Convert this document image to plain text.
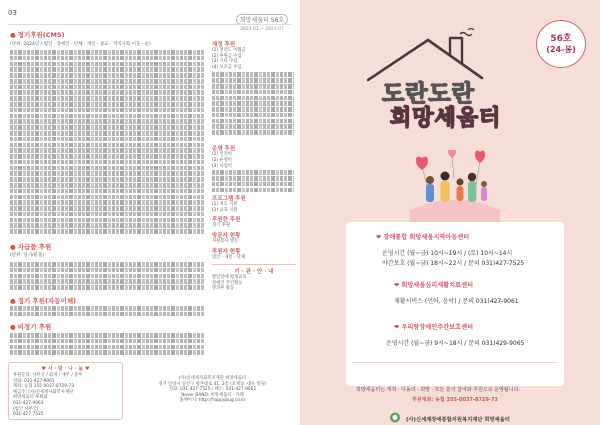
03
희망세움터 56호
2023.01 ~ 2023.07
● 정기후원(CMS)
(단위: 2024년 / 법인 · 장애인 · 단체 · 개인 · 종교 · 지역사회 이웃 · 순)
● 자급품 후원
(단위: 일시/물품)
● 정기 후원(자동이체)
● 비정기 후원
♥ 사 · 랑 · 나 · 눔 ♥
후원문의: 사무국 / 회계 / 재무 / 총무
전화: 031-427-9061
계좌: 농협 355-0037-8729-73
예금주: (사)신세계사회복지재단
희망세움터 후원회
031-427-9063
(법인 사무국)
031-427-7525
재정 후원
(1) 전년도 이월금
(2) 후원금 수입
(3) 기타 수입
(4) 보조금 수입
운영 후원
(1) 인건비
(2) 운영비
(3) 사업비
프로그램 후원
(1) 치료 지원
(2) 교육 지원
후원한 후원
정기 후원
방문자 현황
자원봉사 방문
후원자 현황
법인 · 개인 · 단체
기 · 관 · 안 · 내
발달장애 평생교육
장애인 주간활동
방과후 활동
(사)신세계사회복지재단 희망세움터
경기 안양시 동안구 평촌대로 41, 2층 (호계동, 대우 빌딩)
전화: 031-427-7525 / 팩스: 031-427-9062
Never BAND: 희망세움터 · 카페
홈페이지: http://happybug.co.kr
56호
(24-봄)
도란도란
희망세움터
❤ 장애통합 희망세움지역아동센터
운영시간 (월~금) 10시~19시 / (토) 10시~14시
야간보호 (월~금) 18시~22시 / 문의 031)427-7525
❤ 희망세움심리재활치료센터
재활서비스 (언어, 음악) / 문의 031)427-9061
❤ 우리랑장애인주간보호센터
운영시간 (월~금) 9시~18시 / 문의 031)429-9065
희망세움터는 개척 · 아동의 · 희망 · 모든 분의 참여와 후원으로 운영됩니다.
후원계좌: 농협 355-0037-8729-73
(사)신세계장애통합지원복지재단 희망세움터
